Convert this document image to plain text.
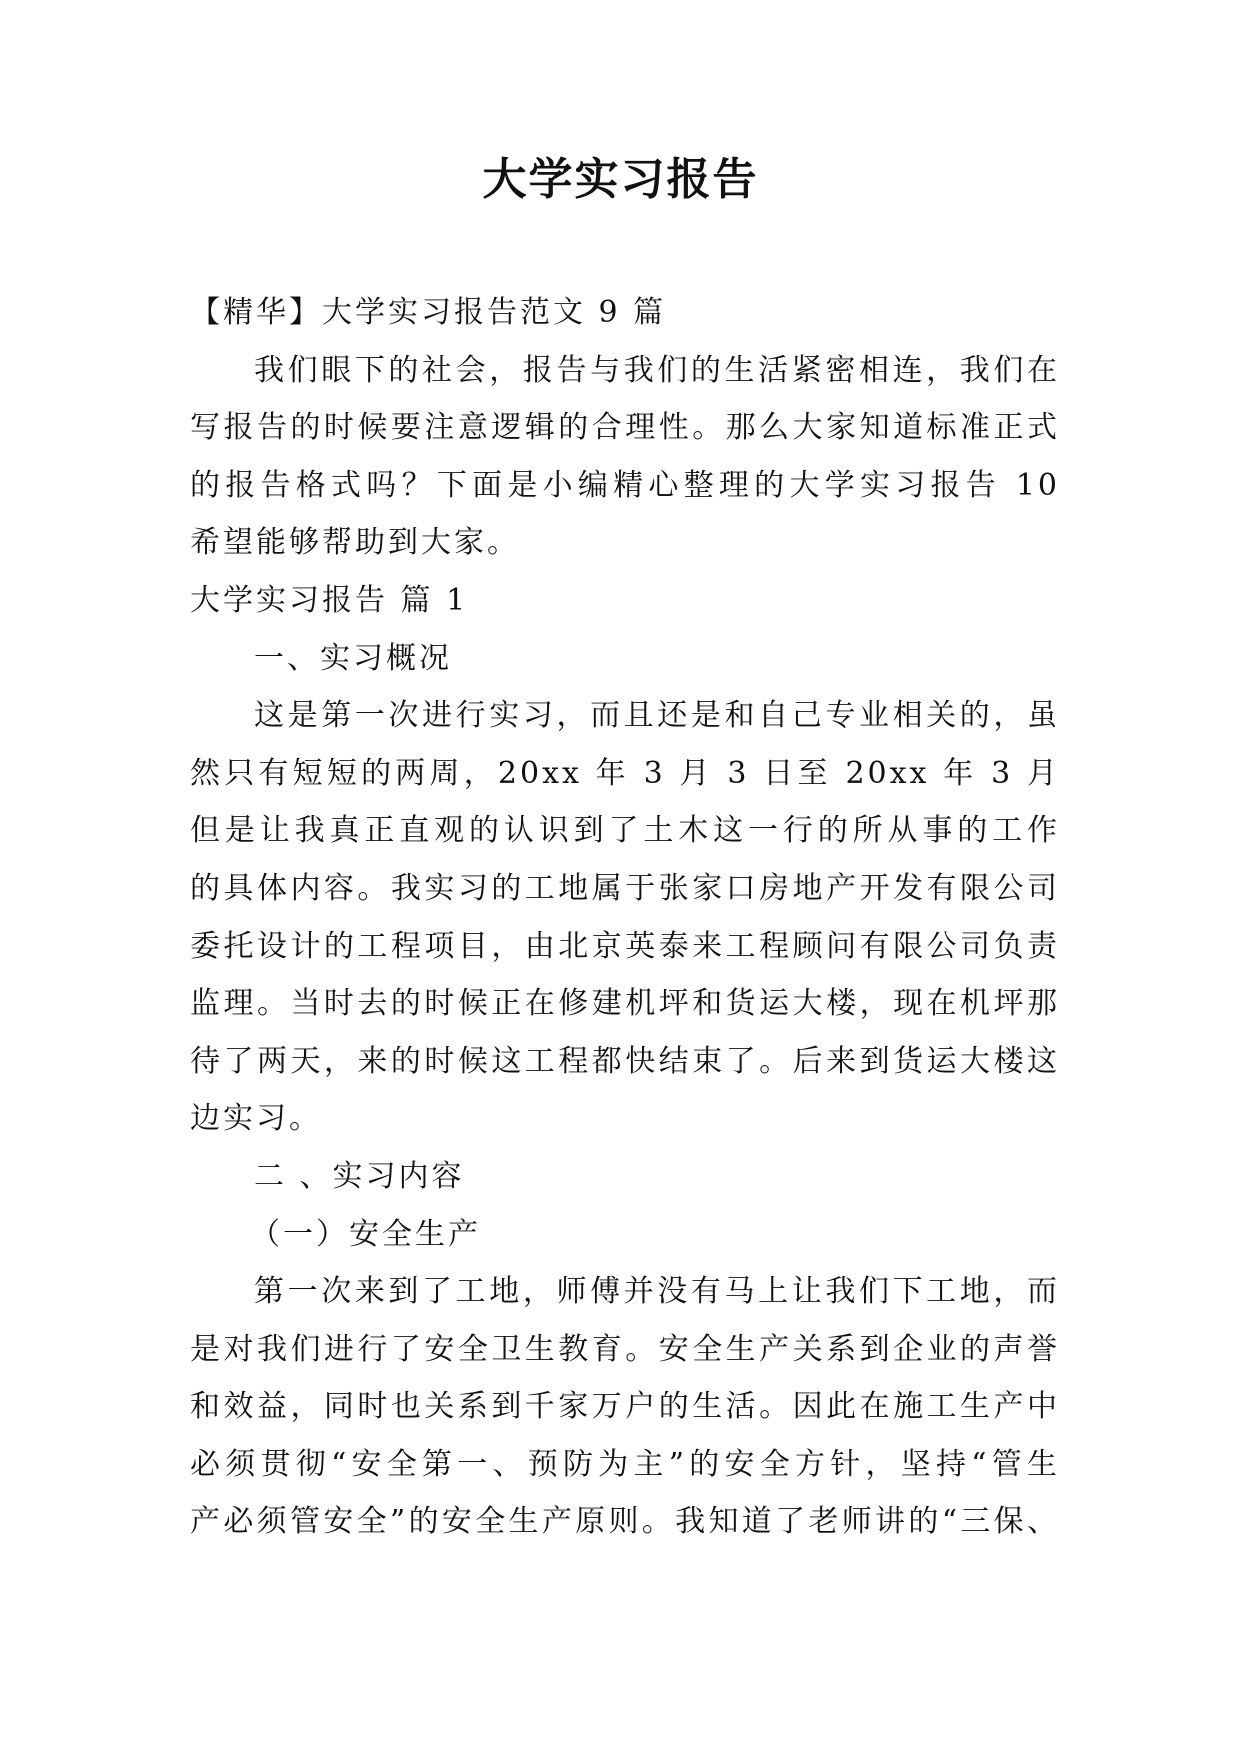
大学实习报告
【精华】大学实习报告范文 9 篇
我们眼下的社会，报告与我们的生活紧密相连，我们在
写报告的时候要注意逻辑的合理性。那么大家知道标准正式
的报告格式吗？下面是小编精心整理的大学实习报告 10
希望能够帮助到大家。
大学实习报告 篇 1
一、实习概况
这是第一次进行实习，而且还是和自己专业相关的，虽
然只有短短的两周，20xx 年 3 月 3 日至 20xx 年 3 月
但是让我真正直观的认识到了土木这一行的所从事的工作
的具体内容。我实习的工地属于张家口房地产开发有限公司
委托设计的工程项目，由北京英泰来工程顾问有限公司负责
监理。当时去的时候正在修建机坪和货运大楼，现在机坪那
待了两天，来的时候这工程都快结束了。后来到货运大楼这
边实习。
二 、实习内容
（一）安全生产
第一次来到了工地，师傅并没有马上让我们下工地，而
是对我们进行了安全卫生教育。安全生产关系到企业的声誉
和效益，同时也关系到千家万户的生活。因此在施工生产中
必须贯彻“安全第一、预防为主”的安全方针，坚持“管生
产必须管安全”的安全生产原则。我知道了老师讲的“三保、
